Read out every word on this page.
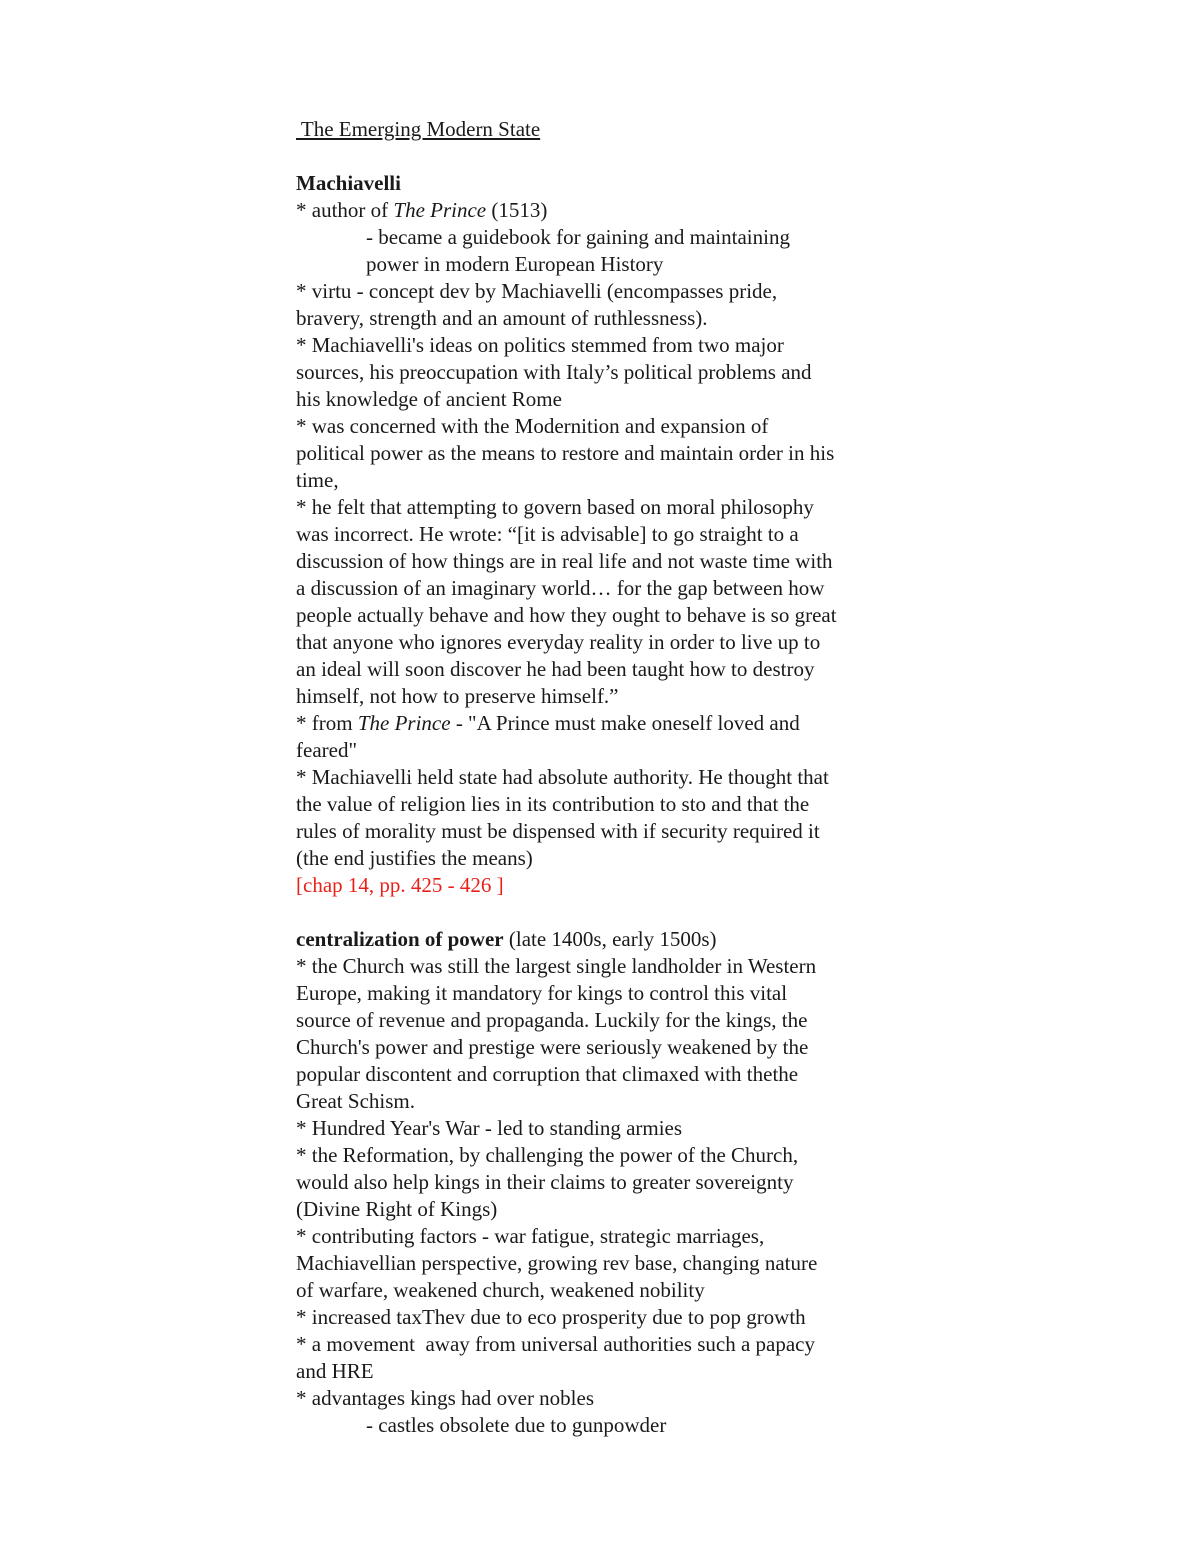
The Emerging Modern State
Machiavelli
* author of The Prince (1513)
- became a guidebook for gaining and maintaining
power in modern European History
* virtu - concept dev by Machiavelli (encompasses pride,
bravery, strength and an amount of ruthlessness).
* Machiavelli's ideas on politics stemmed from two major
sources, his preoccupation with Italy’s political problems and
his knowledge of ancient Rome
* was concerned with the Modernition and expansion of
political power as the means to restore and maintain order in his
time,
* he felt that attempting to govern based on moral philosophy
was incorrect. He wrote: “[it is advisable] to go straight to a
discussion of how things are in real life and not waste time with
a discussion of an imaginary world… for the gap between how
people actually behave and how they ought to behave is so great
that anyone who ignores everyday reality in order to live up to
an ideal will soon discover he had been taught how to destroy
himself, not how to preserve himself.”
* from The Prince - "A Prince must make oneself loved and
feared"
* Machiavelli held state had absolute authority. He thought that
the value of religion lies in its contribution to sto and that the
rules of morality must be dispensed with if security required it
(the end justifies the means)
[chap 14, pp. 425 - 426 ]
centralization of power (late 1400s, early 1500s)
* the Church was still the largest single landholder in Western
Europe, making it mandatory for kings to control this vital
source of revenue and propaganda. Luckily for the kings, the
Church's power and prestige were seriously weakened by the
popular discontent and corruption that climaxed with thethe
Great Schism.
* Hundred Year's War - led to standing armies
* the Reformation, by challenging the power of the Church,
would also help kings in their claims to greater sovereignty
(Divine Right of Kings)
* contributing factors - war fatigue, strategic marriages,
Machiavellian perspective, growing rev base, changing nature
of warfare, weakened church, weakened nobility
* increased taxThev due to eco prosperity due to pop growth
* a movement  away from universal authorities such a papacy
and HRE
* advantages kings had over nobles
- castles obsolete due to gunpowder
